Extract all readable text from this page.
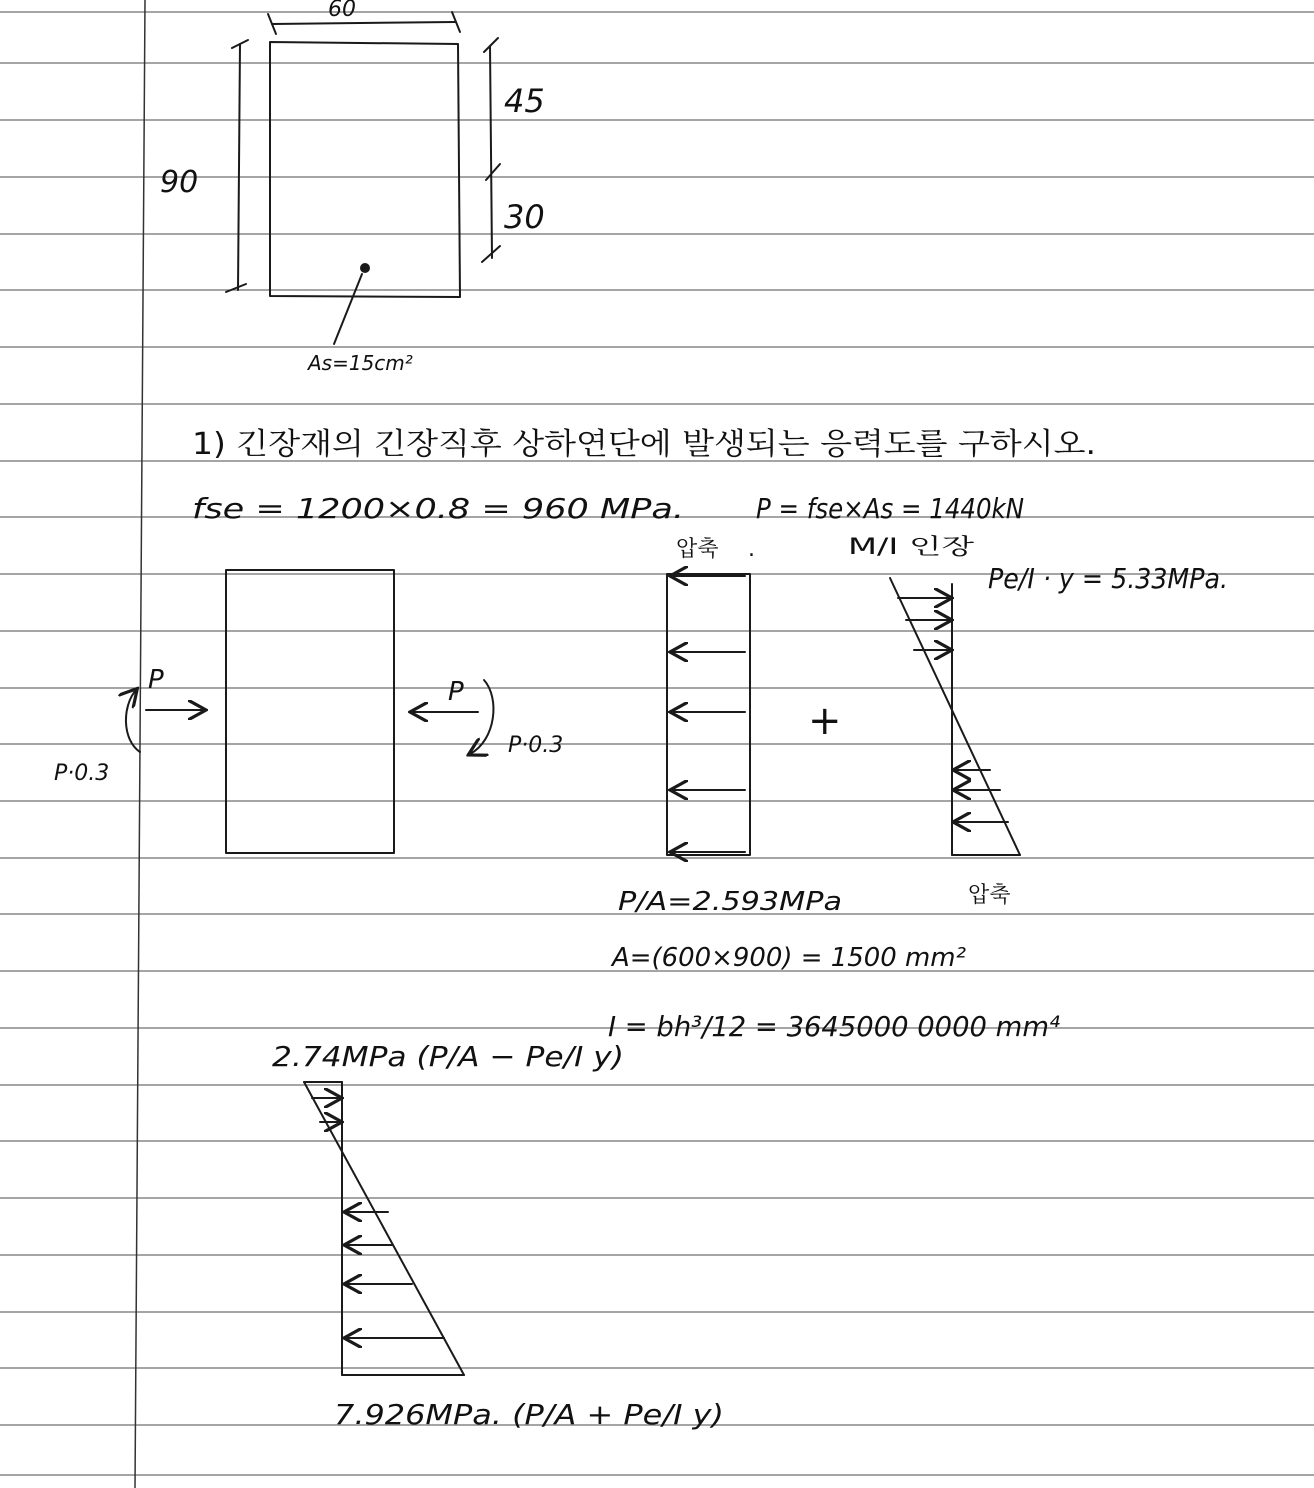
60
90
45
30
As=15cm²
1) 긴장재의 긴장직후 상하연단에 발생되는 응력도를 구하시오.
fse = 1200×0.8 = 960 MPa.	P = fse×As = 1440kN
P	P
P·0.3
P·0.3
압축 .
+
M/I 인장
Pe/I · y = 5.33MPa.
P/A=2.593MPa	압축
A=(600×900) = 1500 mm²
I = bh³/12 = 3645000 0000 mm⁴
2.74MPa (P/A − Pe/I y)
7.926MPa. (P/A + Pe/I y)
